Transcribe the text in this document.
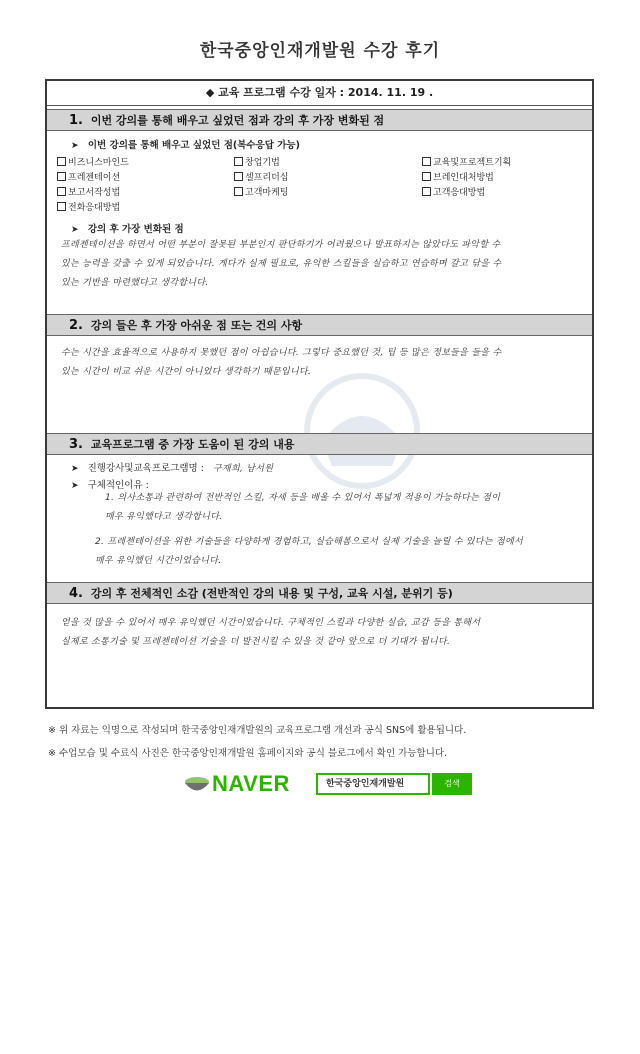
한국중앙인재개발원 수강 후기
◆ 교육 프로그램 수강 일자 : 2014. 11. 19 .
1. 이번 강의를 통해 배우고 싶었던 점과 강의 후 가장 변화된 점
➤ 이번 강의를 통해 배우고 싶었던 점(복수응답 가능)
비즈니스마인드	창업기법	교육및프로젝트기획
프레젠테이션	셀프리더십	브레인대처방법
보고서작성법	고객마케팅	고객응대방법
전화응대방법
➤ 강의 후 가장 변화된 점
프레젠테이션을 하면서 어떤 부분이 잘못된 부분인지 판단하기가 어려웠으나 발표하지는 않았다도 파악할 수
있는 능력을 갖출 수 있게 되었습니다. 게다가 실제 필요로, 유익한 스킬들을 실습하고 연습하며 갈고 닦을 수
있는 기반을 마련했다고 생각합니다.
2. 강의 들은 후 가장 아쉬운 점 또는 건의 사항
수는 시간을 효율적으로 사용하지 못했던 점이 아쉽습니다. 그렇다 중요했던 것, 팁 등 많은 정보들을 들을 수
있는 시간이 비교 쉬운 시간이 아니었다 생각하기 때문입니다.
3. 교육프로그램 중 가장 도움이 된 강의 내용
➤ 진행강사및교육프로그램명 : 구재희, 남서원
➤ 구체적인이유 :
1. 의사소통과 관련하여 전반적인 스킬, 자세 등을 배울 수 있어서 폭넓게 적용이 가능하다는 점이
매우 유익했다고 생각합니다.
2. 프레젠테이션을 위한 기술들을 다양하게 경험하고, 실습해봄으로서 실제 기술을 늘릴 수 있다는 점에서
매우 유익했던 시간이었습니다.
4. 강의 후 전체적인 소감 (전반적인 강의 내용 및 구성, 교육 시설, 분위기 등)
얻을 것 많을 수 있어서 매우 유익했던 시간이었습니다. 구체적인 스킬과 다양한 실습, 교감 등을 통해서
실제로 소통기술 및 프레젠테이션 기술을 더 발전시킬 수 있을 것 같아 앞으로 더 기대가 됩니다.
※ 위 자료는 익명으로 작성되며 한국중앙인재개발원의 교육프로그램 개선과 공식 SNS에 활용됩니다.
※ 수업모습 및 수료식 사진은 한국중앙인재개발원 홈페이지와 공식 블로그에서 확인 가능합니다.
NAVER	한국중앙인재개발원	검색
